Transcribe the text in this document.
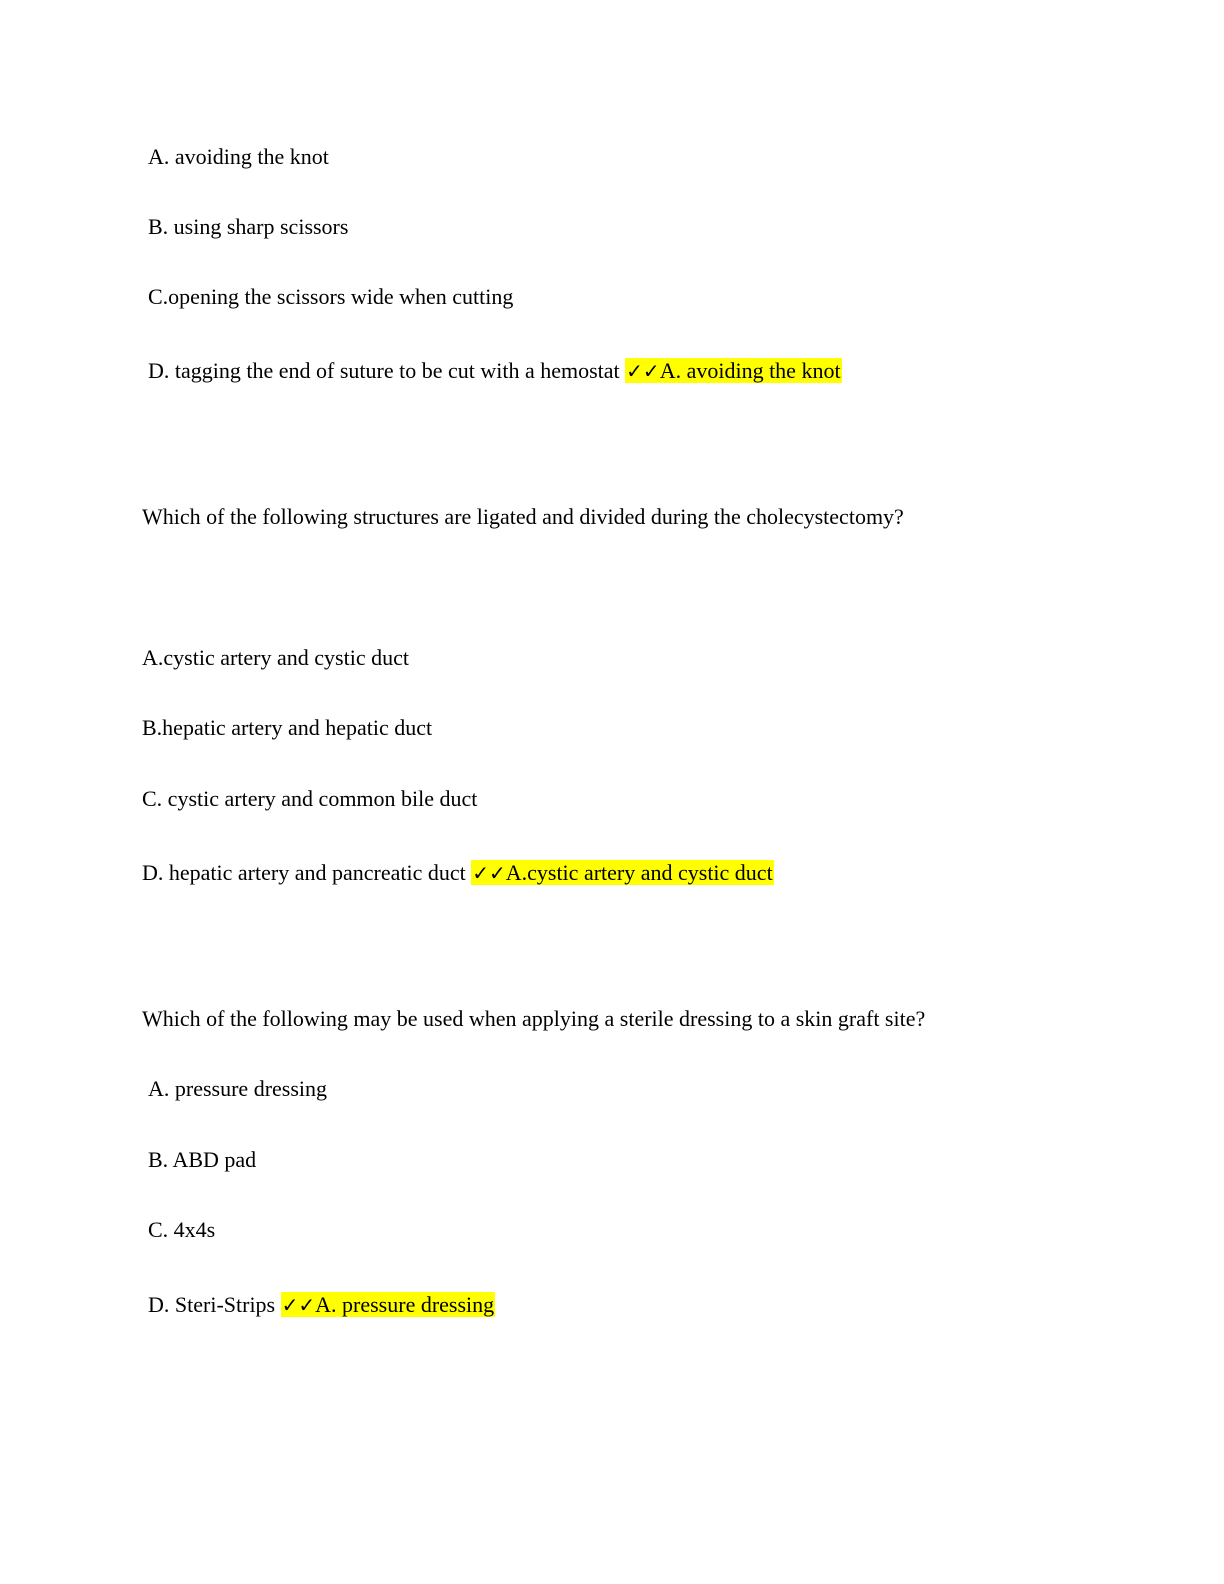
A. avoiding the knot

B. using sharp scissors

C.opening the scissors wide when cutting

D. tagging the end of suture to be cut with a hemostat ✓✓A. avoiding the knot

Which of the following structures are ligated and divided during the cholecystectomy?

A.cystic artery and cystic duct

B.hepatic artery and hepatic duct

C. cystic artery and common bile duct

D. hepatic artery and pancreatic duct ✓✓A.cystic artery and cystic duct

Which of the following may be used when applying a sterile dressing to a skin graft site?

A. pressure dressing

B. ABD pad

C. 4x4s

D. Steri-Strips ✓✓A. pressure dressing
